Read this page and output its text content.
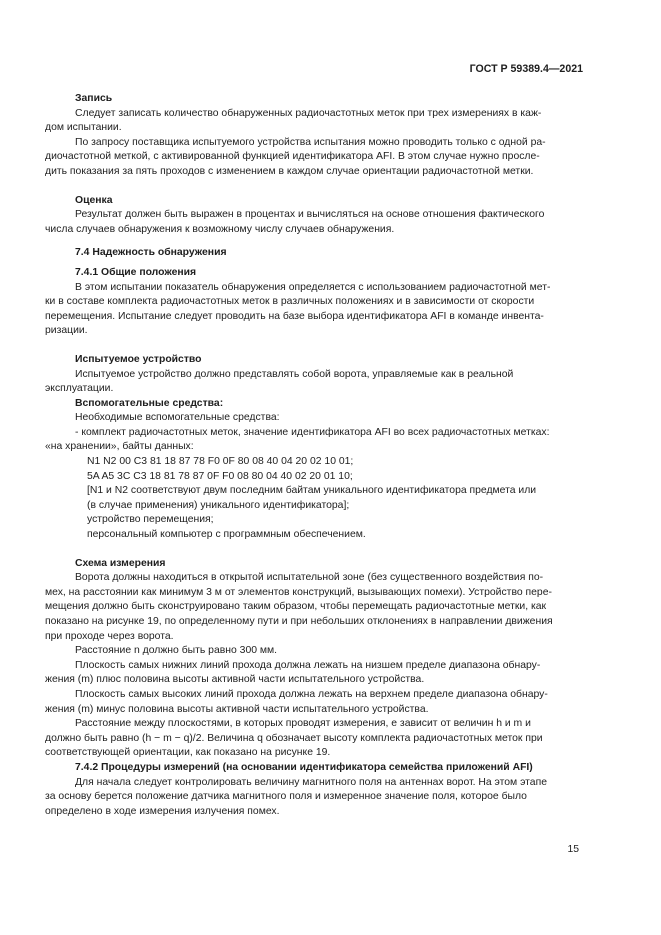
ГОСТ Р 59389.4—2021

Запись

Следует записать количество обнаруженных радиочастотных меток при трех измерениях в каж-
дом испытании.

По запросу поставщика испытуемого устройства испытания можно проводить только с одной ра-
диочастотной меткой, с активированной функцией идентификатора AFI. В этом случае нужно просле-
дить показания за пять проходов с изменением в каждом случае ориентации радиочастотной метки.

Оценка

Результат должен быть выражен в процентах и вычисляться на основе отношения фактического
числа случаев обнаружения к возможному числу случаев обнаружения.

7.4 Надежность обнаружения

7.4.1 Общие положения

В этом испытании показатель обнаружения определяется с использованием радиочастотной мет-
ки в составе комплекта радиочастотных меток в различных положениях и в зависимости от скорости
перемещения. Испытание следует проводить на базе выбора идентификатора AFI в команде инвента-
ризации.

Испытуемое устройство

Испытуемое устройство должно представлять собой ворота, управляемые как в реальной
эксплуатации.

Вспомогательные средства:

Необходимые вспомогательные средства:

- комплект радиочастотных меток, значение идентификатора AFI во всех радиочастотных метках:
«на хранении», байты данных:

N1 N2 00 C3 81 18 87 78 F0 0F 80 08 40 04 20 02 10 01;

5A A5 3C C3 18 81 78 87 0F F0 08 80 04 40 02 20 01 10;

[N1 и N2 соответствуют двум последним байтам уникального идентификатора предмета или
(в случае применения) уникального идентификатора];

устройство перемещения;

персональный компьютер с программным обеспечением.

Схема измерения

Ворота должны находиться в открытой испытательной зоне (без существенного воздействия по-
мех, на расстоянии как минимум 3 м от элементов конструкций, вызывающих помехи). Устройство пере-
мещения должно быть сконструировано таким образом, чтобы перемещать радиочастотные метки, как
показано на рисунке 19, по определенному пути и при небольших отклонениях в направлении движения
при проходе через ворота.

Расстояние n должно быть равно 300 мм.

Плоскость самых нижних линий прохода должна лежать на низшем пределе диапазона обнару-
жения (m) плюс половина высоты активной части испытательного устройства.

Плоскость самых высоких линий прохода должна лежать на верхнем пределе диапазона обнару-
жения (m) минус половина высоты активной части испытательного устройства.

Расстояние между плоскостями, в которых проводят измерения, e зависит от величин h и m и
должно быть равно (h − m − q)/2. Величина q обозначает высоту комплекта радиочастотных меток при
соответствующей ориентации, как показано на рисунке 19.

7.4.2 Процедуры измерений (на основании идентификатора семейства приложений AFI)

Для начала следует контролировать величину магнитного поля на антеннах ворот. На этом этапе
за основу берется положение датчика магнитного поля и измеренное значение поля, которое было
определено в ходе измерения излучения помех.

15
